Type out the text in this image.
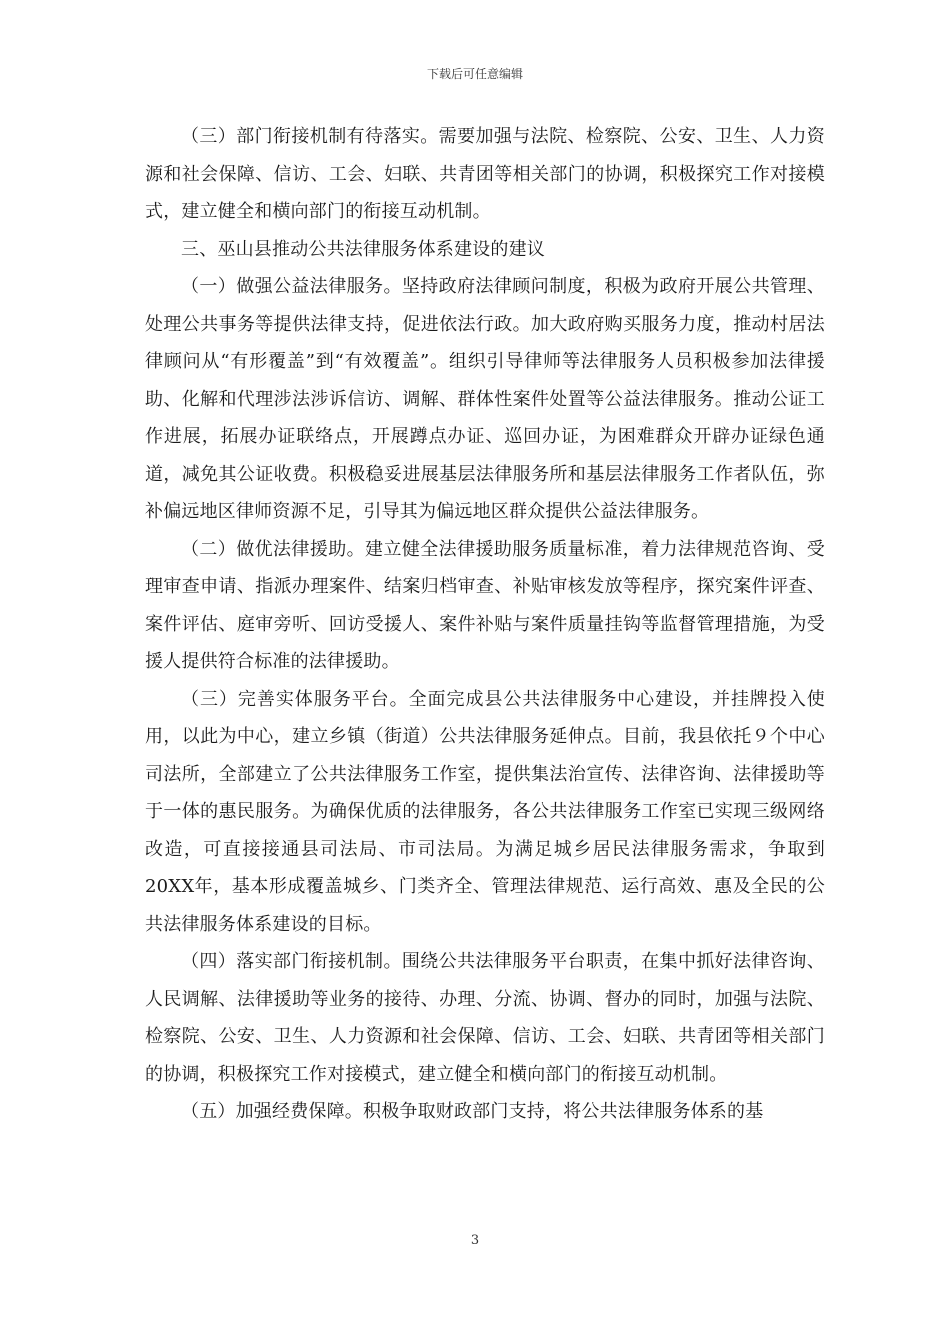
下载后可任意编辑

（三）部门衔接机制有待落实。需要加强与法院、检察院、公安、卫生、人力资源和社会保障、信访、工会、妇联、共青团等相关部门的协调，积极探究工作对接模式，建立健全和横向部门的衔接互动机制。

三、巫山县推动公共法律服务体系建设的建议

（一）做强公益法律服务。坚持政府法律顾问制度，积极为政府开展公共管理、处理公共事务等提供法律支持，促进依法行政。加大政府购买服务力度，推动村居法律顾问从“有形覆盖”到“有效覆盖”。组织引导律师等法律服务人员积极参加法律援助、化解和代理涉法涉诉信访、调解、群体性案件处置等公益法律服务。推动公证工作进展，拓展办证联络点，开展蹲点办证、巡回办证，为困难群众开辟办证绿色通道，减免其公证收费。积极稳妥进展基层法律服务所和基层法律服务工作者队伍，弥补偏远地区律师资源不足，引导其为偏远地区群众提供公益法律服务。

（二）做优法律援助。建立健全法律援助服务质量标准，着力法律规范咨询、受理审查申请、指派办理案件、结案归档审查、补贴审核发放等程序，探究案件评查、案件评估、庭审旁听、回访受援人、案件补贴与案件质量挂钩等监督管理措施，为受援人提供符合标准的法律援助。

（三）完善实体服务平台。全面完成县公共法律服务中心建设，并挂牌投入使用，以此为中心，建立乡镇（街道）公共法律服务延伸点。目前，我县依托９个中心司法所，全部建立了公共法律服务工作室，提供集法治宣传、法律咨询、法律援助等于一体的惠民服务。为确保优质的法律服务，各公共法律服务工作室已实现三级网络改造，可直接接通县司法局、市司法局。为满足城乡居民法律服务需求，争取到20XX年，基本形成覆盖城乡、门类齐全、管理法律规范、运行高效、惠及全民的公共法律服务体系建设的目标。

（四）落实部门衔接机制。围绕公共法律服务平台职责，在集中抓好法律咨询、人民调解、法律援助等业务的接待、办理、分流、协调、督办的同时，加强与法院、检察院、公安、卫生、人力资源和社会保障、信访、工会、妇联、共青团等相关部门的协调，积极探究工作对接模式，建立健全和横向部门的衔接互动机制。

（五）加强经费保障。积极争取财政部门支持，将公共法律服务体系的基

3
